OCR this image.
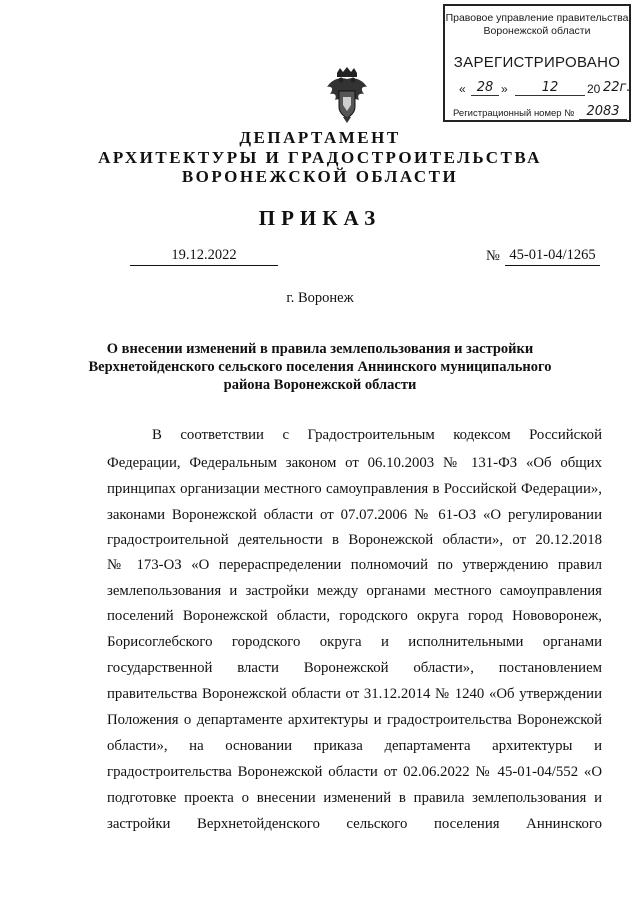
Правовое управление правительства
Воронежской области
ЗАРЕГИСТРИРОВАНО
« 28 »	12	20 22г.
Регистрационный номер № 2083
ДЕПАРТАМЕНТ
АРХИТЕКТУРЫ И ГРАДОСТРОИТЕЛЬСТВА
ВОРОНЕЖСКОЙ ОБЛАСТИ
ПРИКАЗ
19.12.2022	№ 45-01-04/1265
г. Воронеж
О внесении изменений в правила землепользования и застройки
Верхнетойденского сельского поселения Аннинского муниципального
района Воронежской области
В соответствии с Градостроительным кодексом Российской
Федерации, Федеральным законом от 06.10.2003 № 131-ФЗ «Об общих
принципах организации местного самоуправления в Российской Федерации»,
законами Воронежской области от 07.07.2006 № 61-ОЗ «О регулировании
градостроительной деятельности в Воронежской области», от 20.12.2018
№ 173-ОЗ «О перераспределении полномочий по утверждению правил
землепользования и застройки между органами местного самоуправления
поселений Воронежской области, городского округа город Нововоронеж,
Борисоглебского городского округа и исполнительными органами
государственной власти Воронежской области», постановлением
правительства Воронежской области от 31.12.2014 № 1240 «Об утверждении
Положения о департаменте архитектуры и градостроительства Воронежской
области», на основании приказа департамента архитектуры и
градостроительства Воронежской области от 02.06.2022 № 45-01-04/552 «О
подготовке проекта о внесении изменений в правила землепользования и
застройки Верхнетойденского сельского поселения Аннинского
